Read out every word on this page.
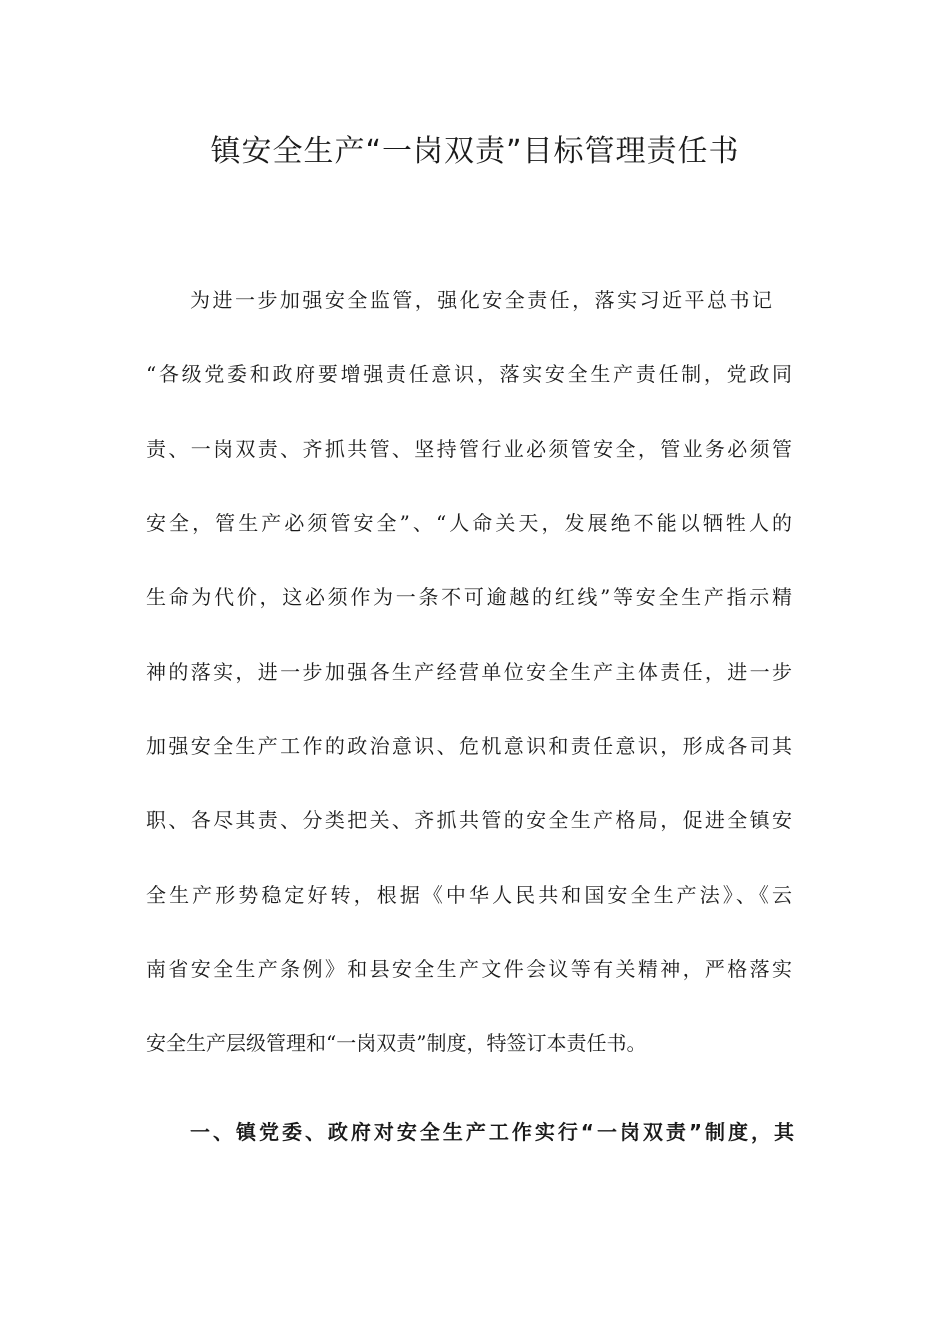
镇安全生产“一岗双责”目标管理责任书
为进一步加强安全监管，强化安全责任，落实习近平总书记
“各级党委和政府要增强责任意识，落实安全生产责任制，党政同
责、一岗双责、齐抓共管、坚持管行业必须管安全，管业务必须管
安全，管生产必须管安全”、“人命关天，发展绝不能以牺牲人的
生命为代价，这必须作为一条不可逾越的红线”等安全生产指示精
神的落实，进一步加强各生产经营单位安全生产主体责任，进一步
加强安全生产工作的政治意识、危机意识和责任意识，形成各司其
职、各尽其责、分类把关、齐抓共管的安全生产格局，促进全镇安
全生产形势稳定好转，根据《中华人民共和国安全生产法》、《云
南省安全生产条例》和县安全生产文件会议等有关精神，严格落实
安全生产层级管理和“一岗双责”制度，特签订本责任书。
一、镇党委、政府对安全生产工作实行“一岗双责”制度，其
